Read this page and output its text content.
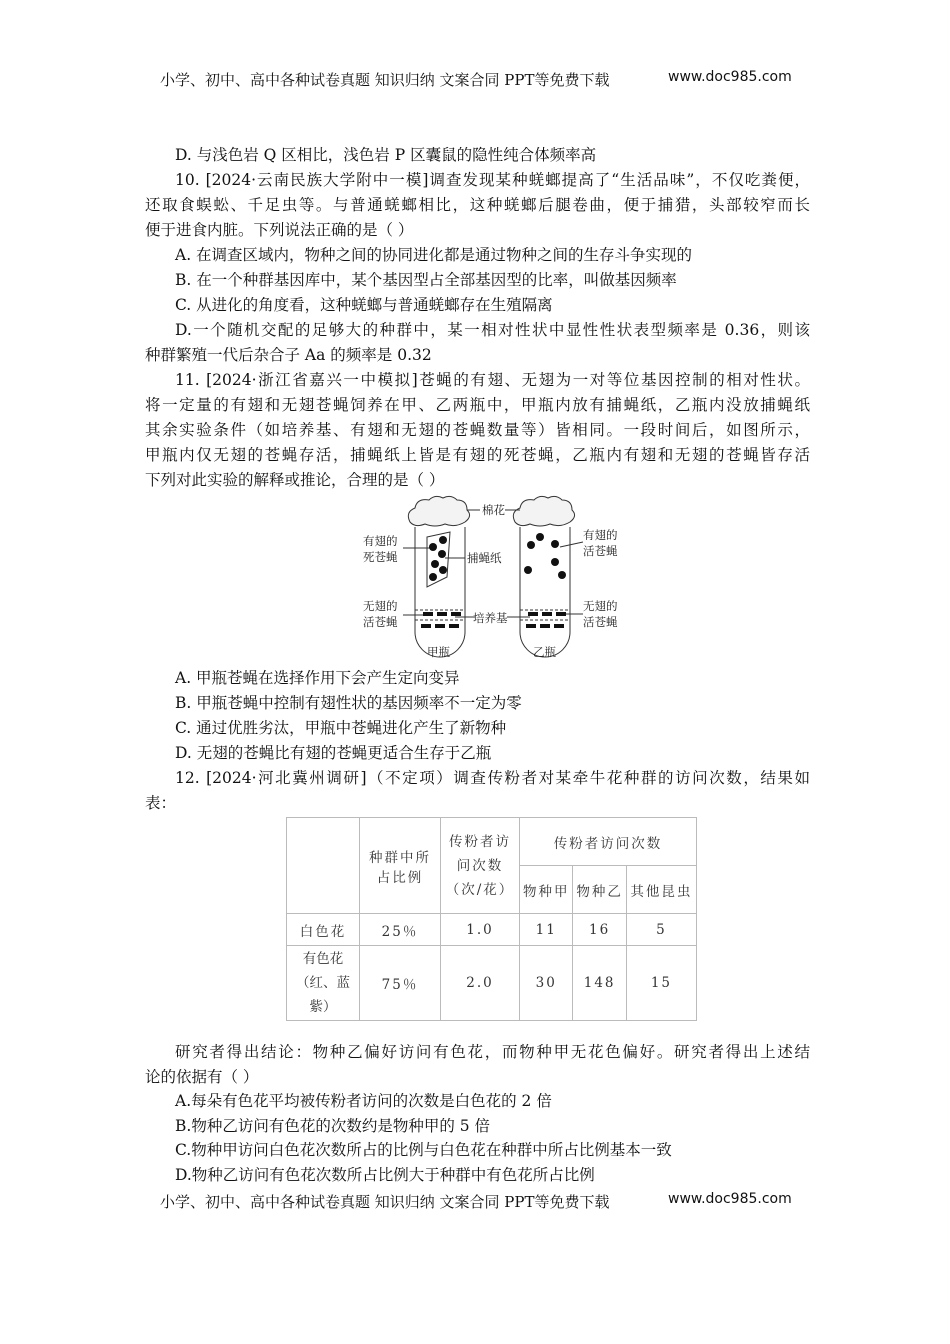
小学、初中、高中各种试卷真题 知识归纳 文案合同 PPT等免费下载	www.doc985.com
D. 与浅色岩 Q 区相比，浅色岩 P 区囊鼠的隐性纯合体频率高
10. [2024·云南民族大学附中一模]调查发现某种蜣螂提高了“生活品味”，不仅吃粪便，
还取食蜈蚣、千足虫等。与普通蜣螂相比，这种蜣螂后腿卷曲，便于捕猎，头部较窄而长
便于进食内脏。下列说法正确的是（ ）
A. 在调查区域内，物种之间的协同进化都是通过物种之间的生存斗争实现的
B. 在一个种群基因库中，某个基因型占全部基因型的比率，叫做基因频率
C. 从进化的角度看，这种蜣螂与普通蜣螂存在生殖隔离
D.一个随机交配的足够大的种群中，某一相对性状中显性性状表型频率是 0.36，则该
种群繁殖一代后杂合子 Aa 的频率是 0.32
11. [2024·浙江省嘉兴一中模拟]苍蝇的有翅、无翅为一对等位基因控制的相对性状。
将一定量的有翅和无翅苍蝇饲养在甲、乙两瓶中，甲瓶内放有捕蝇纸，乙瓶内没放捕蝇纸
其余实验条件（如培养基、有翅和无翅的苍蝇数量等）皆相同。一段时间后，如图所示，
甲瓶内仅无翅的苍蝇存活，捕蝇纸上皆是有翅的死苍蝇，乙瓶内有翅和无翅的苍蝇皆存活
下列对此实验的解释或推论，合理的是（ ）
棉花
有翅的
死苍蝇	捕蝇纸
有翅的
活苍蝇
无翅的
活苍蝇	培养基
无翅的
活苍蝇
甲瓶	乙瓶
A. 甲瓶苍蝇在选择作用下会产生定向变异
B. 甲瓶苍蝇中控制有翅性状的基因频率不一定为零
C. 通过优胜劣汰，甲瓶中苍蝇进化产生了新物种
D. 无翅的苍蝇比有翅的苍蝇更适合生存于乙瓶
12. [2024·河北冀州调研]（不定项）调查传粉者对某牵牛花种群的访问次数，结果如
表：
	种群中所占比例	传粉者访问次数（次/花）	传粉者访问次数		
			物种甲	物种乙	其他昆虫
白色花	25％	1.0	11	16	5
有色花
（红、蓝紫）	75％	2.0	30	148	15
研究者得出结论：物种乙偏好访问有色花，而物种甲无花色偏好。研究者得出上述结
论的依据有（ ）
A.每朵有色花平均被传粉者访问的次数是白色花的 2 倍
B.物种乙访问有色花的次数约是物种甲的 5 倍
C.物种甲访问白色花次数所占的比例与白色花在种群中所占比例基本一致
D.物种乙访问有色花次数所占比例大于种群中有色花所占比例
小学、初中、高中各种试卷真题 知识归纳 文案合同 PPT等免费下载	www.doc985.com
